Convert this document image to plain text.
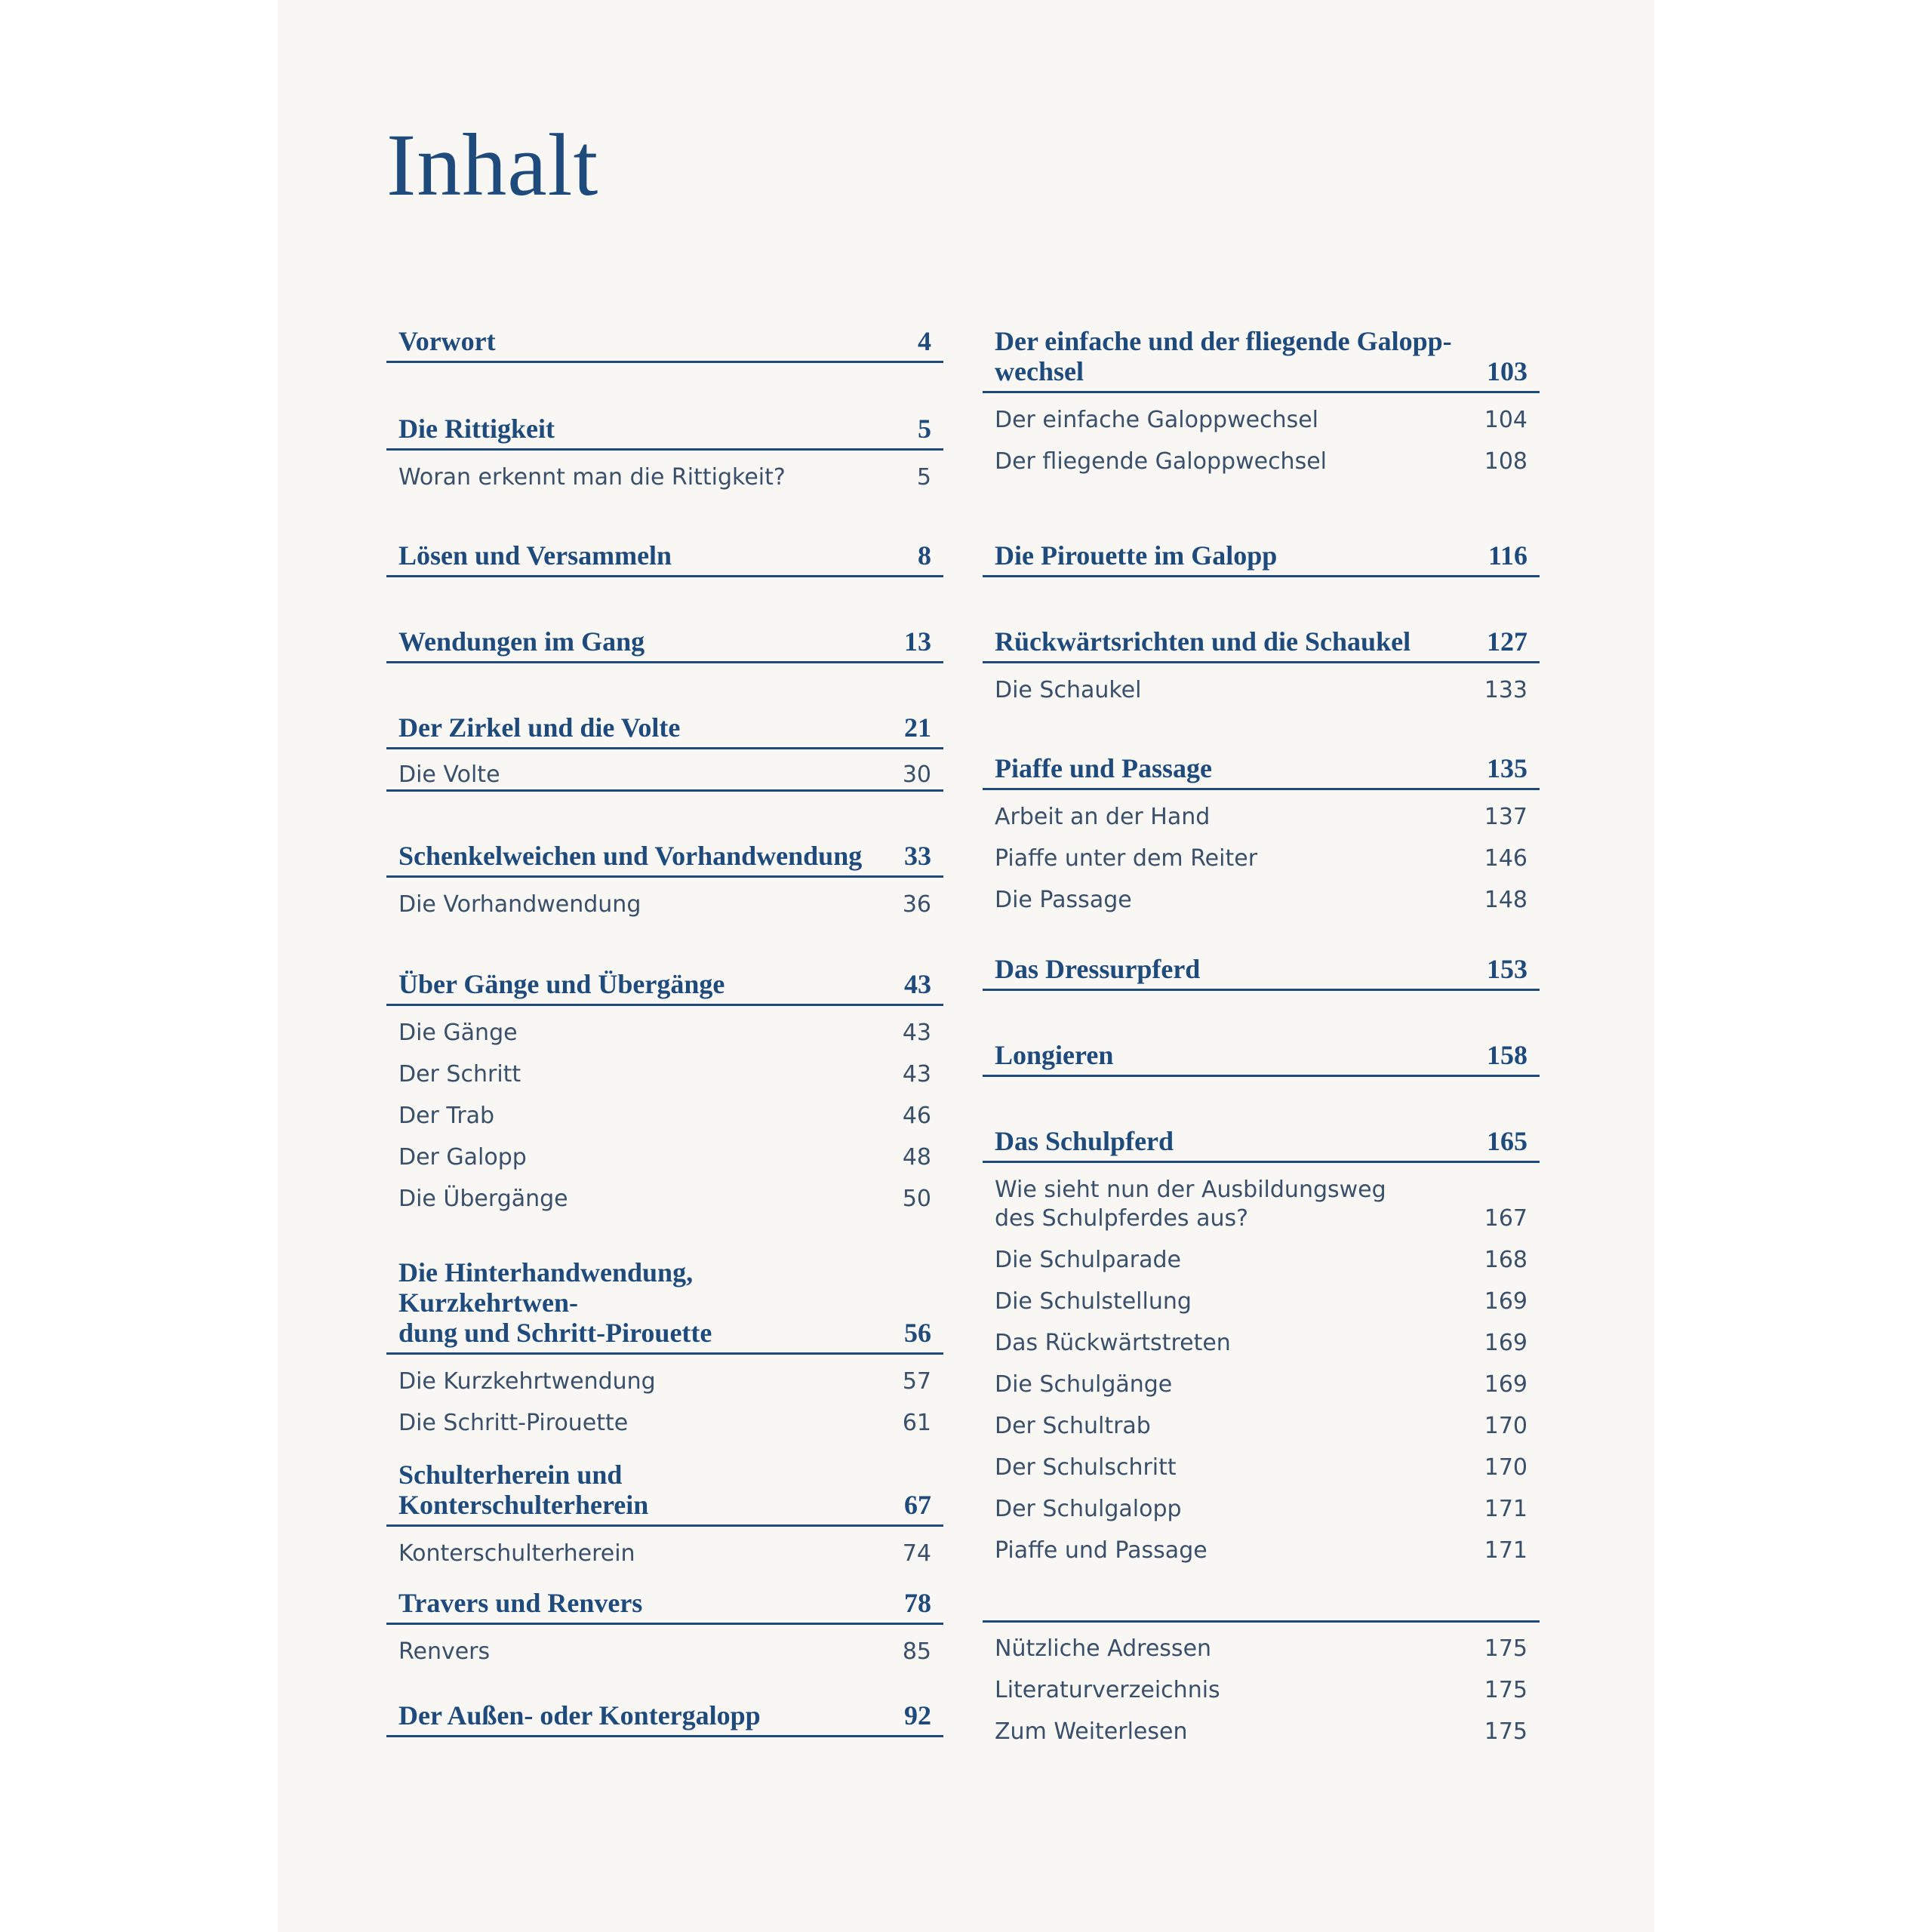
Inhalt
Vorwort	4
Die Rittigkeit	5
Woran erkennt man die Rittigkeit?	5
Lösen und Versammeln	8
Wendungen im Gang	13
Der Zirkel und die Volte	21
Die Volte	30
Schenkelweichen und Vorhandwendung	33
Die Vorhandwendung	36
Über Gänge und Übergänge	43
Die Gänge	43
Der Schritt	43
Der Trab	46
Der Galopp	48
Die Übergänge	50
Die Hinterhandwendung, Kurzkehrtwen-
dung und Schritt-Pirouette	56
Die Kurzkehrtwendung	57
Die Schritt-Pirouette	61
Schulterherein und Konterschulterherein	67
Konterschulterherein	74
Travers und Renvers	78
Renvers	85
Der Außen- oder Kontergalopp	92
Der einfache und der fliegende Galopp-
wechsel	103
Der einfache Galoppwechsel	104
Der fliegende Galoppwechsel	108
Die Pirouette im Galopp	116
Rückwärtsrichten und die Schaukel	127
Die Schaukel	133
Piaffe und Passage	135
Arbeit an der Hand	137
Piaffe unter dem Reiter	146
Die Passage	148
Das Dressurpferd	153
Longieren	158
Das Schulpferd	165
Wie sieht nun der Ausbildungsweg
des Schulpferdes aus?	167
Die Schulparade	168
Die Schulstellung	169
Das Rückwärtstreten	169
Die Schulgänge	169
Der Schultrab	170
Der Schulschritt	170
Der Schulgalopp	171
Piaffe und Passage	171
Nützliche Adressen	175
Literaturverzeichnis	175
Zum Weiterlesen	175
